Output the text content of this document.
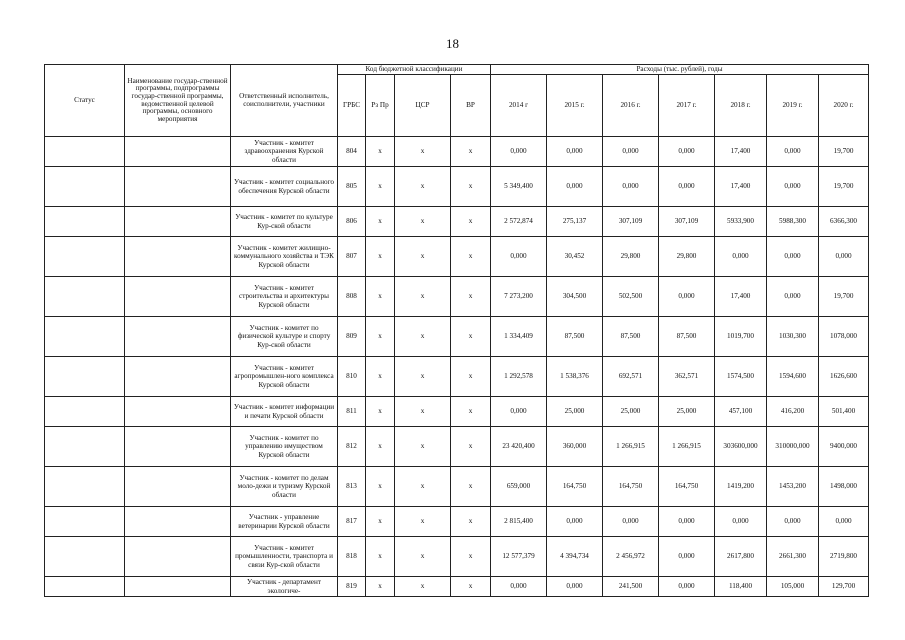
18
Статус	Наименование государ-ственной программы, подпрограммы государ-ственной программы, ведомственной целевой программы, основного мероприятия	Ответственный исполнитель, соисполнители, участники	Код бюджетной классификации				Расходы (тыс. рублей), годы						
			ГРБС	Рз Пр	ЦСР	ВР	2014 г	2015 г.	2016 г.	2017 г.	2018 г.	2019 г.	2020 г.
		Участник - комитет здравоохранения Курской области	804	х	х	х	0,000	0,000	0,000	0,000	17,400	0,000	19,700
		Участник - комитет социального обеспечения Курской области	805	х	х	х	5 349,400	0,000	0,000	0,000	17,400	0,000	19,700
		Участник - комитет по культуре Кур-ской области	806	х	х	х	2 572,874	275,137	307,109	307,109	5933,900	5988,300	6366,300
		Участник - комитет жилищно-коммунального хозяйства и ТЭК Курской области	807	х	х	х	0,000	30,452	29,800	29,800	0,000	0,000	0,000
		Участник - комитет строительства и архитектуры Курской области	808	х	х	х	7 273,200	304,500	502,500	0,000	17,400	0,000	19,700
		Участник - комитет по физической культуре и спорту Кур-ской области	809	х	х	х	1 334,409	87,500	87,500	87,500	1019,700	1030,300	1078,000
		Участник - комитет агропромышлен-ного комплекса Курской области	810	х	х	х	1 292,578	1 538,376	692,571	362,571	1574,500	1594,600	1626,600
		Участник - комитет информации и печати Курской области	811	х	х	х	0,000	25,000	25,000	25,000	457,100	416,200	501,400
		Участник - комитет по управлению имуществом Курской области	812	х	х	х	23 420,400	360,000	1 266,915	1 266,915	303600,000	310000,000	9400,000
		Участник - комитет по делам моло-дежи и туризму Курской области	813	х	х	х	659,000	164,750	164,750	164,750	1419,200	1453,200	1498,000
		Участник - управление ветеринарии Курской области	817	х	х	х	2 815,400	0,000	0,000	0,000	0,000	0,000	0,000
		Участник - комитет промышленности, транспорта и связи Кур-ской области	818	х	х	х	12 577,379	4 394,734	2 456,972	0,000	2617,800	2661,300	2719,800
		Участник - департамент экологиче-	819	х	х	х	0,000	0,000	241,500	0,000	118,400	105,000	129,700
